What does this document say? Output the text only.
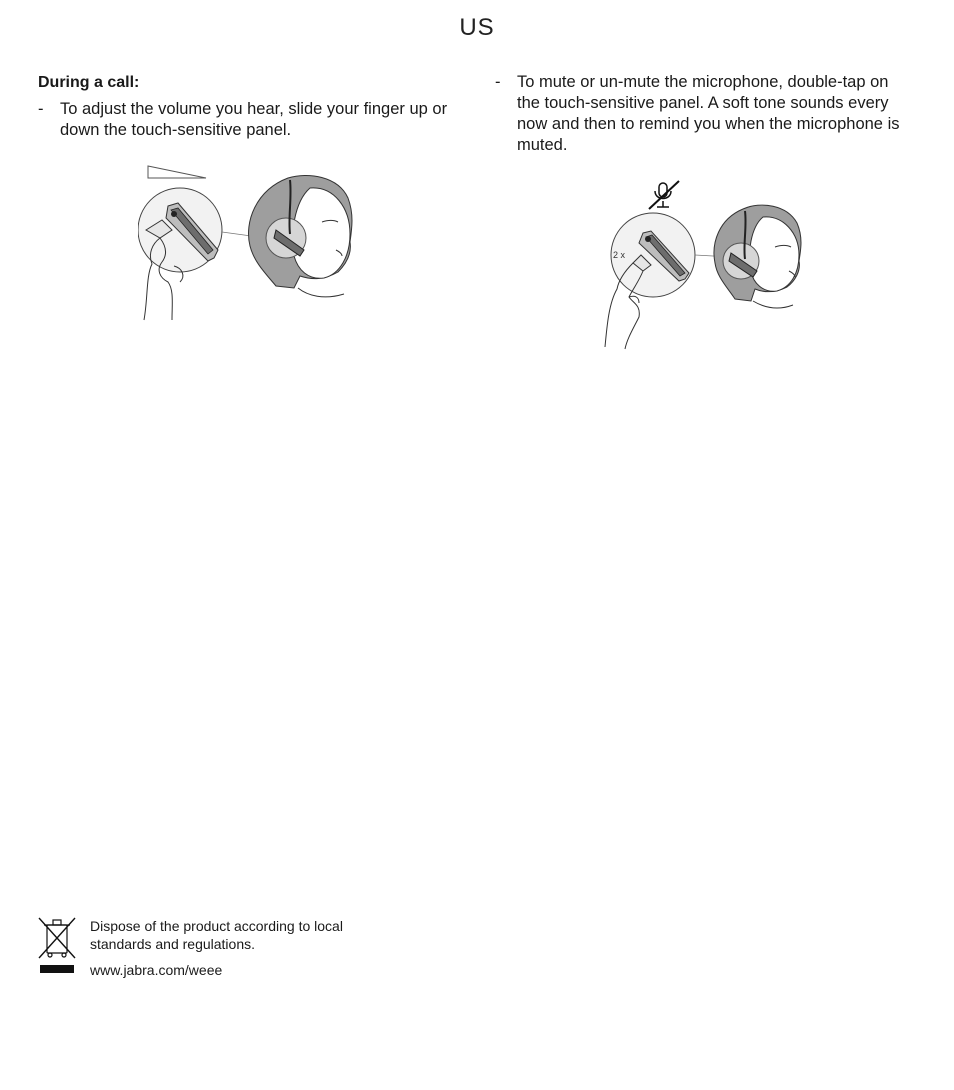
US
During a call:
-	To adjust the volume you hear, slide your finger up or down the touch-sensitive panel.
-	To mute or un-mute the microphone, double-tap on the touch-sensitive panel. A soft tone sounds every now and then to remind you when the microphone is muted.
2 x
Dispose of the product according to local standards and regulations.
www.jabra.com/weee
